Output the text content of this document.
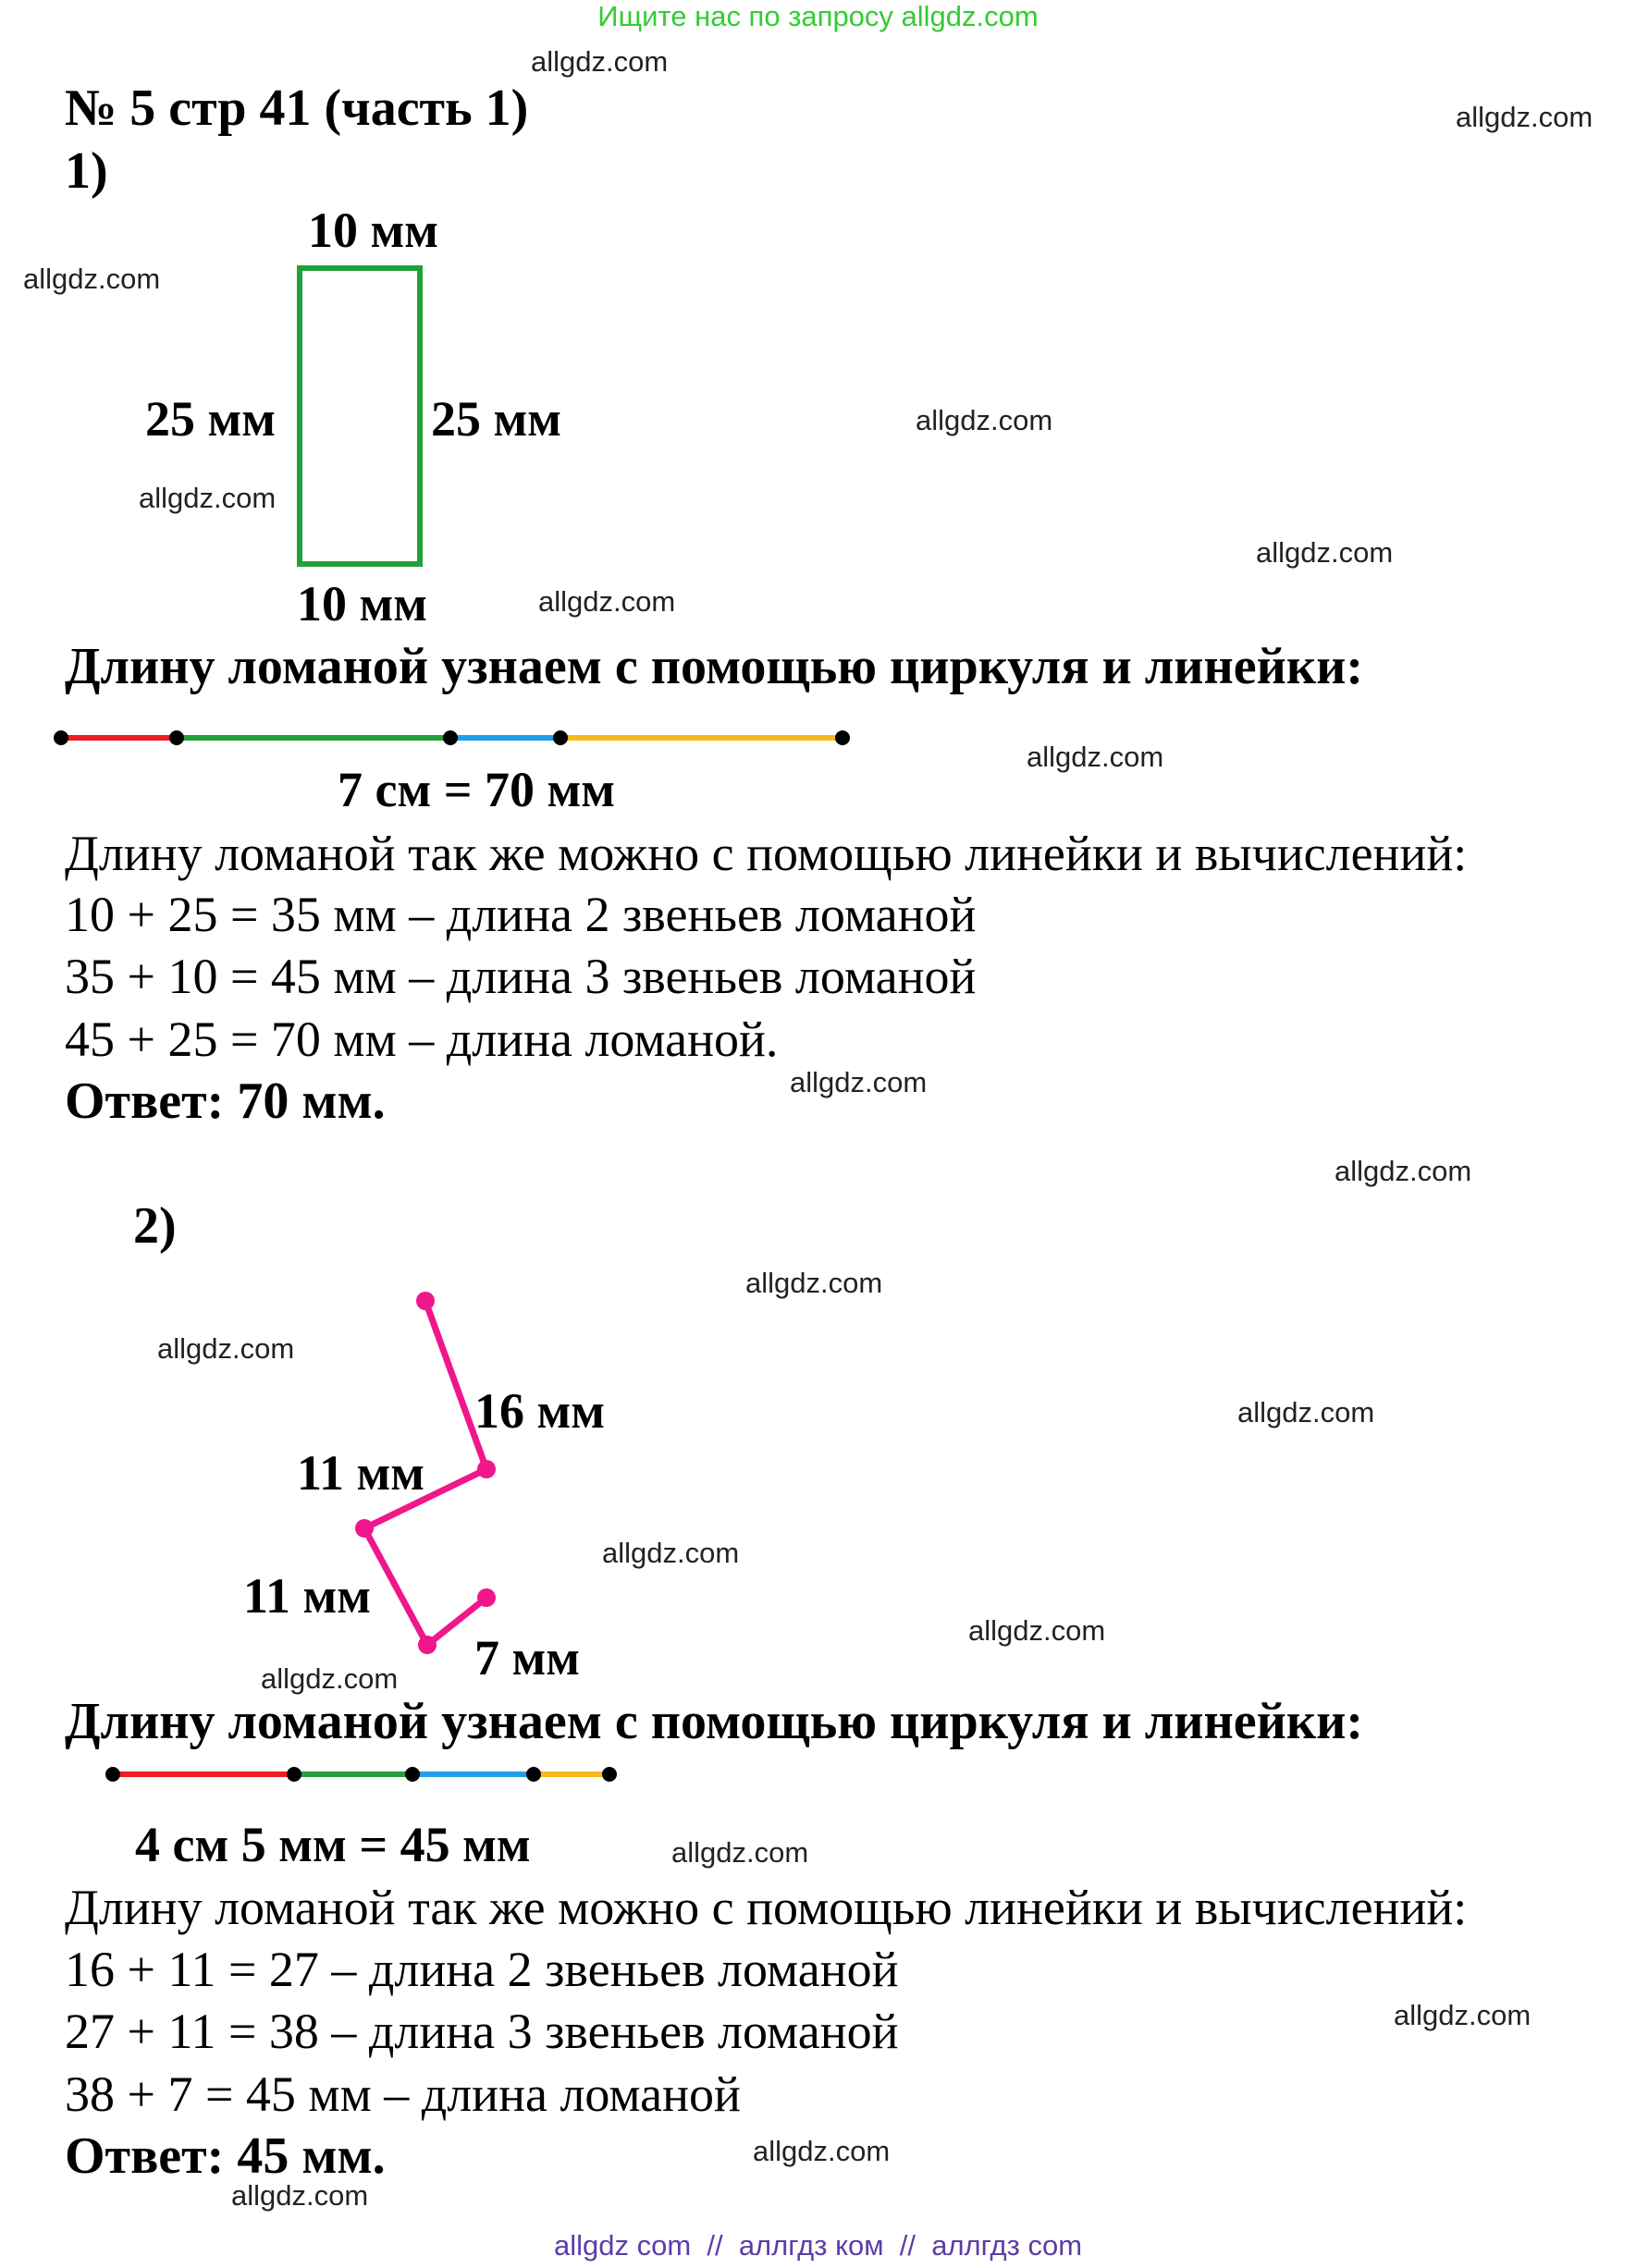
Ищите нас по запросу allgdz.com
№ 5 стр 41 (часть 1)
1)
10 мм
25 мм	25 мм
10 мм
Длину ломаной узнаем с помощью циркуля и линейки:
7 см = 70 мм
Длину ломаной так же можно с помощью линейки и вычислений:
10 + 25 = 35 мм – длина 2 звеньев ломаной
35 + 10 = 45 мм – длина 3 звеньев ломаной
45 + 25 = 70 мм – длина ломаной.
Ответ: 70 мм.
2)
16 мм
11 мм
11 мм
7 мм
Длину ломаной узнаем с помощью циркуля и линейки:
4 см 5 мм = 45 мм
Длину ломаной так же можно с помощью линейки и вычислений:
16 + 11 = 27 – длина 2 звеньев ломаной
27 + 11 = 38 – длина 3 звеньев ломаной
38 + 7 = 45 мм – длина ломаной
Ответ: 45 мм.
allgdz.com
allgdz.com
allgdz.com
allgdz.com
allgdz.com
allgdz.com
allgdz.com
allgdz.com
allgdz.com
allgdz.com
allgdz.com
allgdz.com
allgdz.com
allgdz.com
allgdz.com
allgdz.com
allgdz.com
allgdz.com
allgdz.com
allgdz.com
allgdz com  //  аллгдз ком  //  аллгдз com
